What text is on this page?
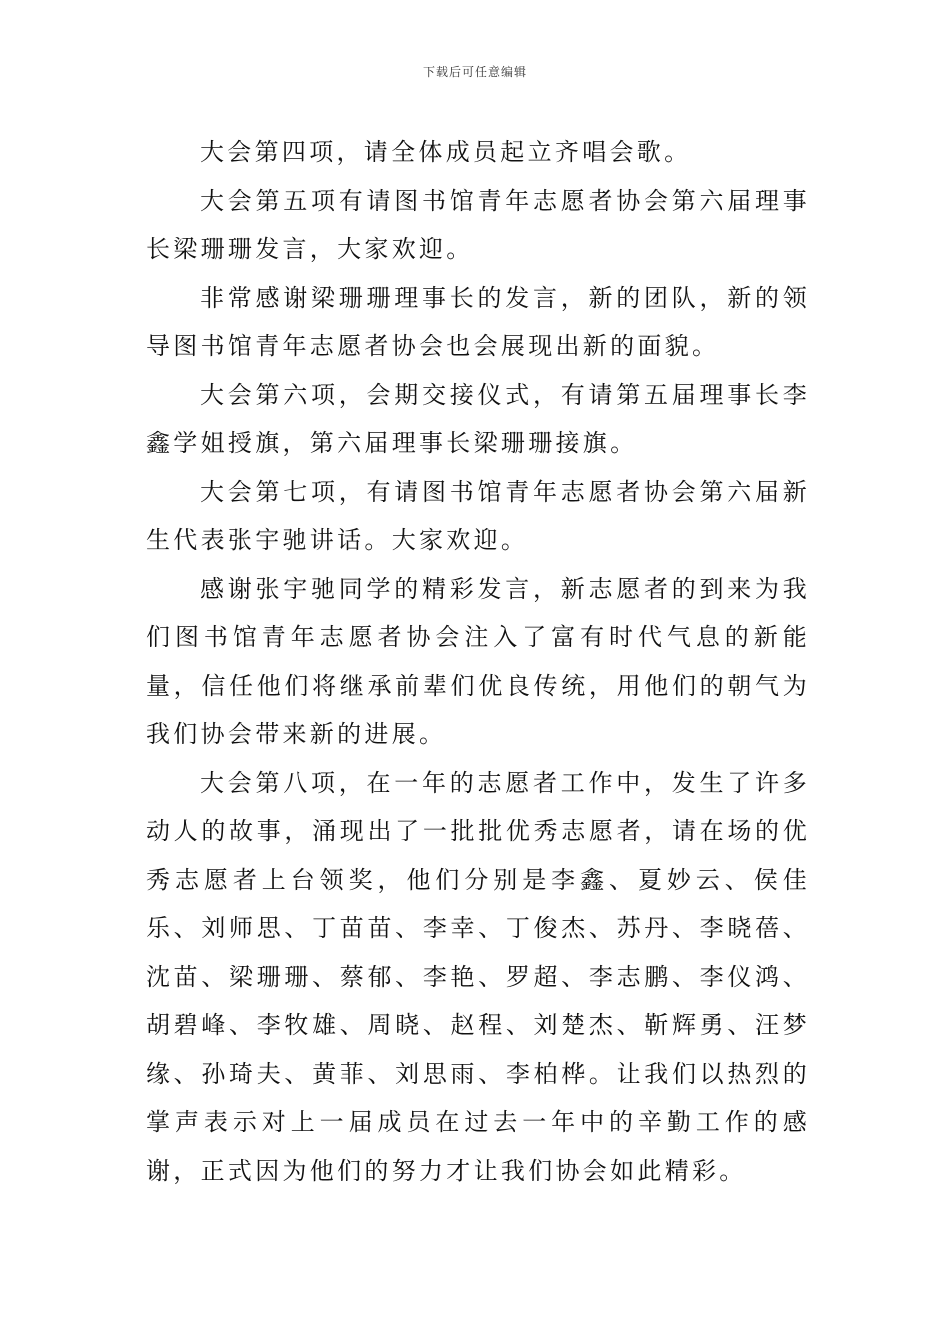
下载后可任意编辑

大会第四项，请全体成员起立齐唱会歌。

大会第五项有请图书馆青年志愿者协会第六届理事长梁珊珊发言，大家欢迎。

非常感谢梁珊珊理事长的发言，新的团队，新的领导图书馆青年志愿者协会也会展现出新的面貌。

大会第六项，会期交接仪式，有请第五届理事长李鑫学姐授旗，第六届理事长梁珊珊接旗。

大会第七项，有请图书馆青年志愿者协会第六届新生代表张宇驰讲话。大家欢迎。

感谢张宇驰同学的精彩发言，新志愿者的到来为我们图书馆青年志愿者协会注入了富有时代气息的新能量，信任他们将继承前辈们优良传统，用他们的朝气为我们协会带来新的进展。

大会第八项，在一年的志愿者工作中，发生了许多动人的故事，涌现出了一批批优秀志愿者，请在场的优秀志愿者上台领奖，他们分别是李鑫、夏妙云、侯佳乐、刘师思、丁苗苗、李幸、丁俊杰、苏丹、李晓蓓、沈苗、梁珊珊、蔡郁、李艳、罗超、李志鹏、李仪鸿、胡碧峰、李牧雄、周晓、赵程、刘楚杰、靳辉勇、汪梦缘、孙琦夫、黄菲、刘思雨、李柏桦。让我们以热烈的掌声表示对上一届成员在过去一年中的辛勤工作的感谢，正式因为他们的努力才让我们协会如此精彩。
